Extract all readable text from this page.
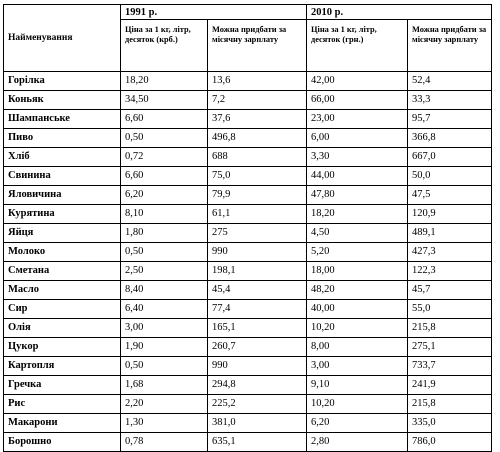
Найменування	1991 р.		2010 р.	
	Ціна за 1 кг, літр, десяток (крб.)	Можна придбати за місячну зарплату	Ціна за 1 кг, літр, десяток (грн.)	Можна придбати за місячну зарплату
Горілка	18,20	13,6	42,00	52,4
Коньяк	34,50	7,2	66,00	33,3
Шампанське	6,60	37,6	23,00	95,7
Пиво	0,50	496,8	6,00	366,8
Хліб	0,72	688	3,30	667,0
Свинина	6,60	75,0	44,00	50,0
Яловичина	6,20	79,9	47,80	47,5
Курятина	8,10	61,1	18,20	120,9
Яйця	1,80	275	4,50	489,1
Молоко	0,50	990	5,20	427,3
Сметана	2,50	198,1	18,00	122,3
Масло	8,40	45,4	48,20	45,7
Сир	6,40	77,4	40,00	55,0
Олія	3,00	165,1	10,20	215,8
Цукор	1,90	260,7	8,00	275,1
Картопля	0,50	990	3,00	733,7
Гречка	1,68	294,8	9,10	241,9
Рис	2,20	225,2	10,20	215,8
Макарони	1,30	381,0	6,20	335,0
Борошно	0,78	635,1	2,80	786,0
